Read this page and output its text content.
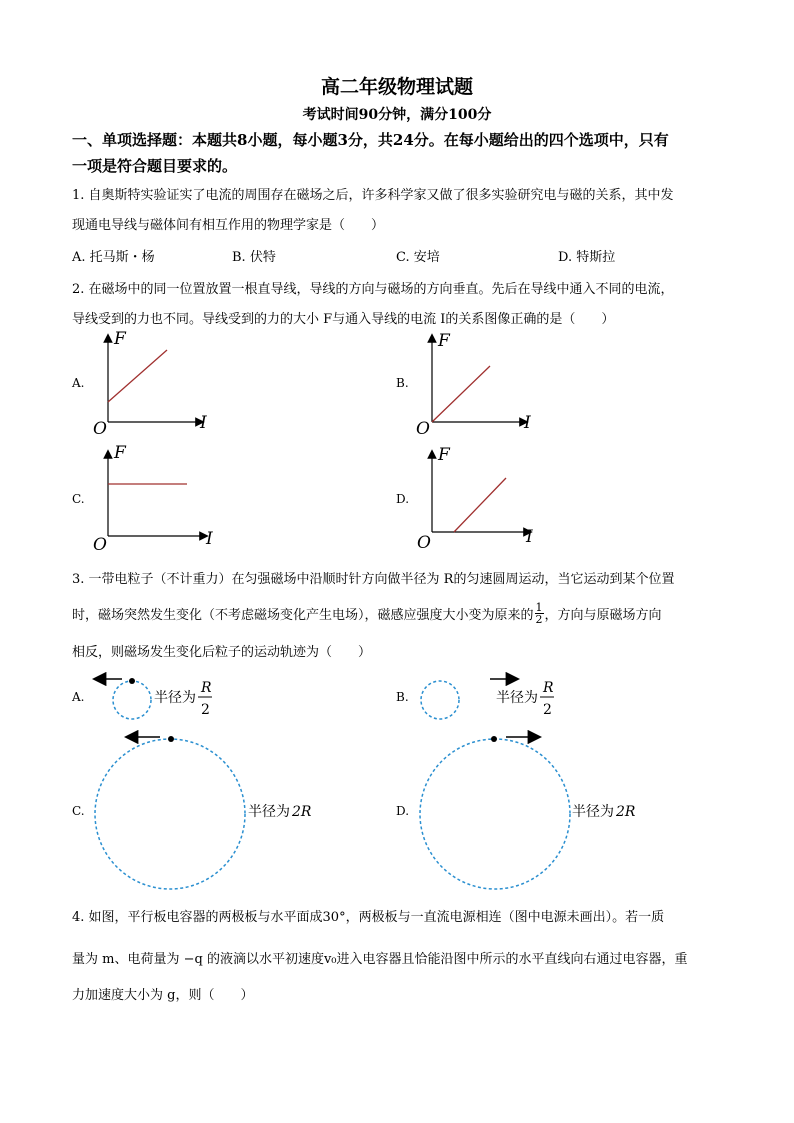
高二年级物理试题
考试时间90分钟，满分100分
一、单项选择题：本题共8小题，每小题3分，共24分。在每小题给出的四个选项中，只有
一项是符合题目要求的。
1. 自奥斯特实验证实了电流的周围存在磁场之后，许多科学家又做了很多实验研究电与磁的关系，其中发
现通电导线与磁体间有相互作用的物理学家是（　　）
A. 托马斯・杨	B. 伏特	C. 安培	D. 特斯拉
2. 在磁场中的同一位置放置一根直导线，导线的方向与磁场的方向垂直。先后在导线中通入不同的电流，
导线受到的力也不同。导线受到的力的大小 F与通入导线的电流 I的关系图像正确的是（　　）
A.	B.
C.	D.
F
I
O
F
I
O
F
I
O
F
I
O
3. 一带电粒子（不计重力）在匀强磁场中沿顺时针方向做半径为 R的匀速圆周运动，当它运动到某个位置
时，磁场突然发生变化（不考虑磁场变化产生电场），磁感应强度大小变为原来的 $\frac{1}{2}$ ，方向与原磁场方向
相反，则磁场发生变化后粒子的运动轨迹为（　　）
A.	B.
C.	D.
半径为
R
2
半径为
R
2
半径为 2R	半径为 2R
4. 如图，平行板电容器的两极板与水平面成30°，两极板与一直流电源相连（图中电源未画出）。若一质
量为 m、电荷量为 −q 的液滴以水平初速度v₀进入电容器且恰能沿图中所示的水平直线向右通过电容器，重
力加速度大小为 g，则（　　）
